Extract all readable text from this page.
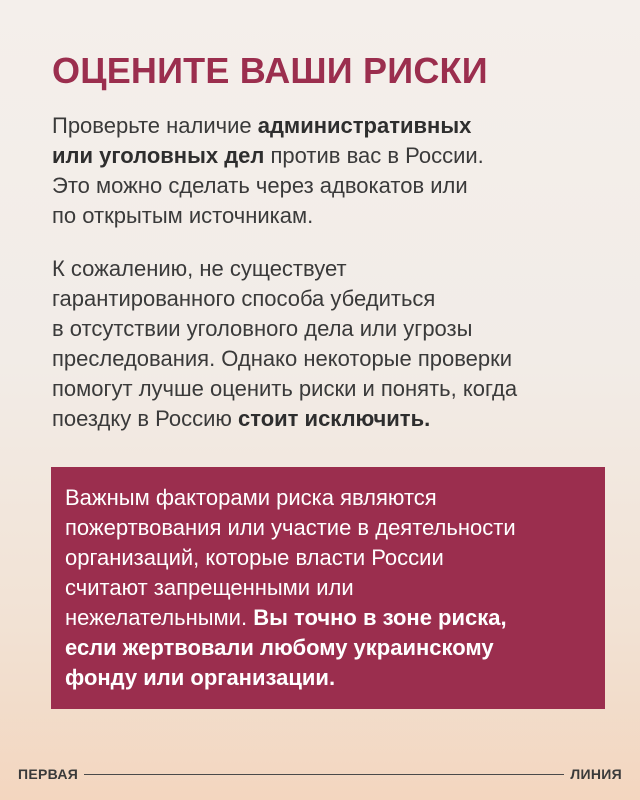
ОЦЕНИТЕ ВАШИ РИСКИ

Проверьте наличие административных
или уголовных дел против вас в России.
Это можно сделать через адвокатов или
по открытым источникам.

К сожалению, не существует
гарантированного способа убедиться
в отсутствии уголовного дела или угрозы
преследования. Однако некоторые проверки
помогут лучше оценить риски и понять, когда
поездку в Россию стоит исключить.

Важным факторами риска являются
пожертвования или участие в деятельности
организаций, которые власти России
считают запрещенными или
нежелательными. Вы точно в зоне риска,
если жертвовали любому украинскому
фонду или организации.

ПЕРВАЯ	ЛИНИЯ
